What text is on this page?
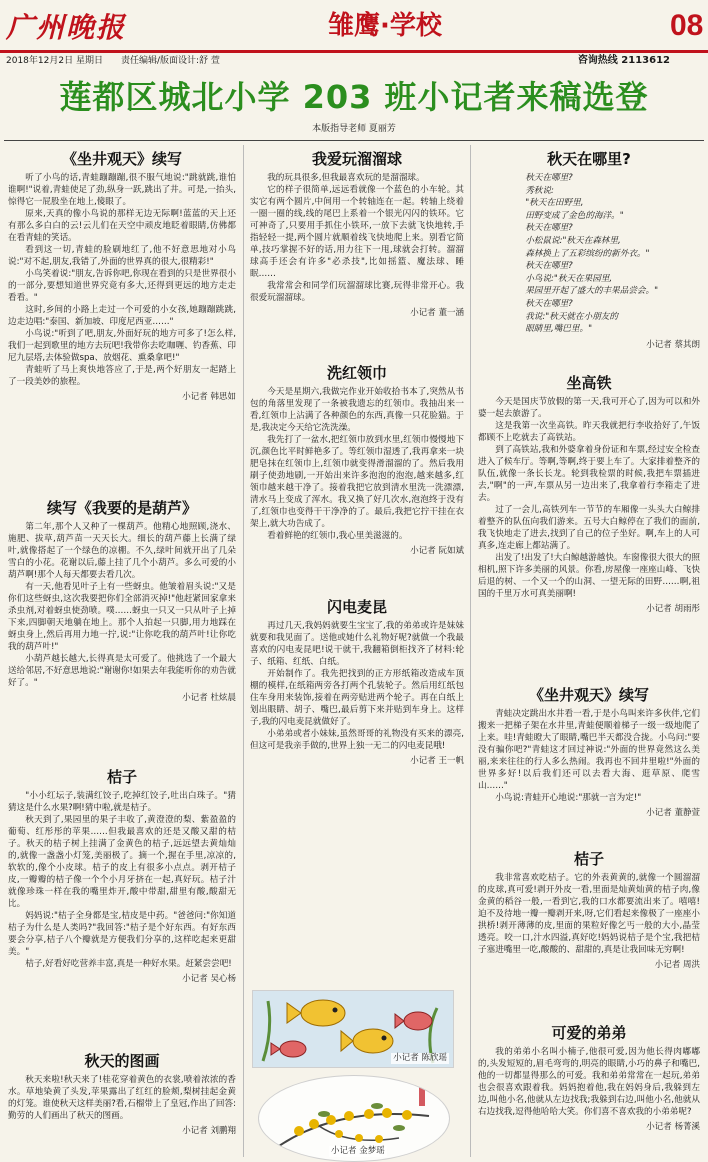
广州晚报	雏鹰·学校	08
2018年12月2日 星期日　　责任编辑/版面设计:舒 萱	咨询热线 2113612
莲都区城北小学 203 班小记者来稿选登
本版指导老师 夏丽芳
《坐井观天》续写

听了小鸟的话,青蛙蹦蹦蹦,很不服气地说:"跳就跳,谁怕谁啊!"说着,青蛙使足了劲,纵身一跃,跳出了井。可是,一抬头,惊得它一屁股坐在地上,傻眼了。

原来,天真的像小鸟说的那样无边无际啊!蓝蓝的天上还有那么多白白的云!云儿们在天空中顽皮地眨着眼睛,仿佛都在看青蛙的笑话。

看到这一切,青蛙的脸刷地红了,他不好意思地对小鸟说:"对不起,朋友,我错了,外面的世界真的很大,很精彩!"

小鸟笑着说:"朋友,告诉你吧,你现在看到的只是世界很小的一部分,要想知道世界究竟有多大,还得到更远的地方走走看看。"

这时,乡间的小路上走过一个可爱的小女孩,她蹦蹦跳跳,边走边唱:"泰国、新加坡、印度尼西亚……"

小鸟说:"听到了吧,朋友,外面好玩的地方可多了!怎么样,我们一起到歌里的地方去玩吧!我带你去吃咖喱、钓香蕉、印尼九层塔,去体验做spa、放烟花、熏桑拿吧!"

青蛙听了马上爽快地答应了,于是,两个好朋友一起踏上了一段美妙的旅程。

小记者 韩思如
续写《我要的是葫芦》

第二年,那个人又种了一棵葫芦。他精心地照顾,浇水、施肥、拔草,葫芦苗一天天长大。细长的葫芦藤上长满了绿叶,就像搭起了一个绿色的凉棚。不久,绿叶间就开出了几朵雪白的小花。花谢以后,藤上挂了几个小葫芦。多么可爱的小葫芦啊!那个人每天都要去看几次。

有一天,他看见叶子上有一些蚜虫。他皱着眉头说:"又是你们这些蚜虫,这次我要把你们全部消灭掉!"他赶紧回家拿来杀虫剂,对着蚜虫使劲喷。噗……蚜虫一只又一只从叶子上掉下来,四脚朝天地躺在地上。那个人拍起一只脚,用力地踩在蚜虫身上,然后再用力地一拧,说:"让你吃我的葫芦叶!让你吃我的葫芦叶!"

小葫芦越长越大,长得真是太可爱了。他挑选了一个最大送给邻居,不好意思地说:"谢谢你!如果去年我能听你的劝告就好了。"

小记者 杜炫晨
桔子

"小小红坛子,装满红饺子,吃掉红饺子,吐出白珠子。"猜猜这是什么水果?啊!猜中啦,就是桔子。

秋天到了,果园里的果子丰收了,黄澄澄的梨、紫盈盈的葡萄、红彤彤的苹果……但我最喜欢的还是又酸又甜的桔子。秋天的桔子树上挂满了金黄色的桔子,远远望去黄灿灿的,就像一盏盏小灯笼,美丽极了。摘一个,握在手里,凉凉的,软软的,像个小皮球。桔子的皮上有很多小点点。剥开桔子皮,一瓣瓣的桔子像一个个小月牙挤在一起,真好玩。桔子汁就像珍珠一样在我的嘴里炸开,酸中带甜,甜里有酸,酸甜无比。

妈妈说:"桔子全身都是宝,桔皮是中药。"爸爸问:"你知道桔子为什么是人类吗?"我回答:"桔子是个好东西。有好东西要会分享,桔子八个瓣就是方便我们分享的,这样吃起来更甜美。"

桔子,好看好吃营养丰富,真是一种好水果。赶紧尝尝吧!

小记者 吴心杨
秋天的图画

秋天来啦!秋天来了!桂花穿着黄色的衣裳,喷着浓浓的香水。草地染黄了头发,苹果露出了红红的脸颊,梨树挂起金黄的灯笼。谁使秋天这样美丽?看,石榴带上了皇冠,作出了回答:勤劳的人们画出了秋天的图画。

小记者 刘鹏翔
我爱玩溜溜球

我的玩具很多,但我最喜欢玩的是溜溜球。

它的样子很简单,远远看就像一个蓝色的小车轮。其实它有两个圆片,中间用一个转轴连在一起。转轴上绕着一圈一圈的线,线的尾巴上系着一个银光闪闪的铁环。它可神奇了,只要用手抓住小铁环,一放下去就飞快地转,手指轻轻一提,两个圆片就顺着线飞快地爬上来。别看它简单,技巧掌握不好的话,用力往下一甩,球就会打转。溜溜球高手还会有许多"必杀技",比如摇篮、魔法球、睡眠……

我常常会和同学们玩溜溜球比赛,玩得非常开心。我很爱玩溜溜球。

小记者 董一涵
洗红领巾

今天是星期六,我做完作业开始收拾书本了,突然从书包的角落里发现了一条被我遗忘的红领巾。我抽出来一看,红领巾上沾满了各种颜色的东西,真像一只花脸猫。于是,我决定今天给它洗洗澡。

我先打了一盆水,把红领巾放到水里,红领巾慢慢地下沉,颜色比平时鲜艳多了。等红领巾湿透了,我再拿来一块肥皂抹在红领巾上,红领巾就变得滑溜溜的了。然后我用刷子使劲地刷,一开始出来许多泡泡的泡泡,越来越多,红领巾越来越干净了。接着我把它放到清水里洗一洗漂漂,清水马上变成了浑水。我又换了好几次水,泡泡终于没有了,红领巾也变得干干净净的了。最后,我把它拧干挂在衣架上,就大功告成了。

看着鲜艳的红领巾,我心里美滋滋的。

小记者 阮如斌
闪电麦昆

再过几天,我妈妈就要生宝宝了,我的弟弟或许是妹妹就要和我见面了。送他或她什么礼物好呢?就做一个我最喜欢的闪电麦昆吧!说干就干,我翻箱倒柜找齐了材料:轮子、纸箱、红纸、白纸。

开始制作了。我先把找到的正方形纸箱改造成车顶棚的模样,在纸箱两旁各打两个孔装轮子。然后用红纸包住车身用来装饰,接着在两旁贴进两个轮子。再在白纸上划出眼睛、胡子、嘴巴,最后剪下来并贴到车身上。这样子,我的闪电麦昆就做好了。

小弟弟或者小妹妹,虽然哥哥的礼物没有买来的漂亮,但这可是我亲手做的,世界上独一无二的闪电麦昆哦!

小记者 王一帆
小记者 陈欣瑶
小记者 金梦瑶
秋天在哪里?

秋天在哪里?

秀秋说:

"秋天在田野里,

田野变成了金色的海洋。"

秋天在哪里?

小松鼠说:"秋天在森林里,

森林换上了五彩缤纷的新外衣。"

秋天在哪里?

小鸟说:"秋天在果园里,

果园里开起了盛大的丰果品尝会。"

秋天在哪里?

我说:"秋天就在小朋友的

眼睛里,嘴巴里。"

小记者 蔡其朗
坐高铁

今天是国庆节放假的第一天,我可开心了,因为可以和外婆一起去旅游了。

这是我第一次坐高铁。昨天我就把行李收拾好了,午饭都顾不上吃就去了高铁站。

到了高铁站,我和外婆拿着身份证和车票,经过安全检查进入了候车厅。等啊,等啊,终于要上车了。大家排着整齐的队伍,就像一条长长龙。轮到我检票的时候,我把车票插进去,"啊"的一声,车票从另一边出来了,我拿着行李箱走了进去。

过了一会儿,高铁列车一节节的车厢像一头头大白鲸排着整齐的队伍向我们游来。五号大白鲸停在了我们的面前,我飞快地走了进去,找到了自己的位子坐好。啊,车上的人可真多,连走廊上都站满了。

出发了!出发了!大白鲸越游越快。车窗像很大很大的照相机,照下许多美丽的风景。你看,房屋像一座座山峰、飞快后退的树、一个又一个的山洞、一望无际的田野……啊,祖国的千里万水可真美丽啊!

小记者 胡雨彤
《坐井观天》续写

青蛙决定跳出水井看一看,于是小鸟叫来许多伙伴,它们搬来一把梯子架在水井里,青蛙便顺着梯子一级一级地爬了上来。哇!青蛙瞪大了眼睛,嘴巴半天都没合拢。小鸟问:"要没有骗你吧?"青蛙这才回过神说:"外面的世界竟然这么美丽,来来往往的行人多么热闹。我再也不回井里啦!"外面的世界多好!以后我们还可以去看大海、逛草原、爬雪山……"

小鸟说:青蛙开心地说:"那就一言为定!"

小记者 董静萱
桔子

我非常喜欢吃桔子。它的外表黄黄的,就像一个圆溜溜的皮球,真可爱!剥开外皮一看,里面是灿黄灿黄的桔子肉,像金黄的稻谷一般,一看到它,我的口水都要流出来了。嘻嘻!迫不及待地一瓣一瓣剥开来,呀,它们看起来像极了一座座小拱桥!剥开薄薄的皮,里面的果粒好像乞丐一般的大小,晶莹透亮。咬一口,汁水四溢,真好吃!妈妈说桔子是个宝,我把桔子塞进嘴里一吃,酸酸的、甜甜的,真是让我回味无穷啊!

小记者 周洪
可爱的弟弟

我的弟弟小名叫小楠子,他很可爱,因为他长得肉嘟嘟的,头发短短的,眉毛弯弯的,明亮的眼睛,小巧的鼻子和嘴巴,他的一切都显得那么的可爱。我和弟弟常常在一起玩,弟弟也会很喜欢跟着我。妈妈抱着他,我在妈妈身后,我躲到左边,叫他小名,他就从左边找我;我躲到右边,叫他小名,他就从右边找我,逗得他哈哈大笑。你们喜不喜欢我的小弟弟呢?

小记者 杨菁溪
